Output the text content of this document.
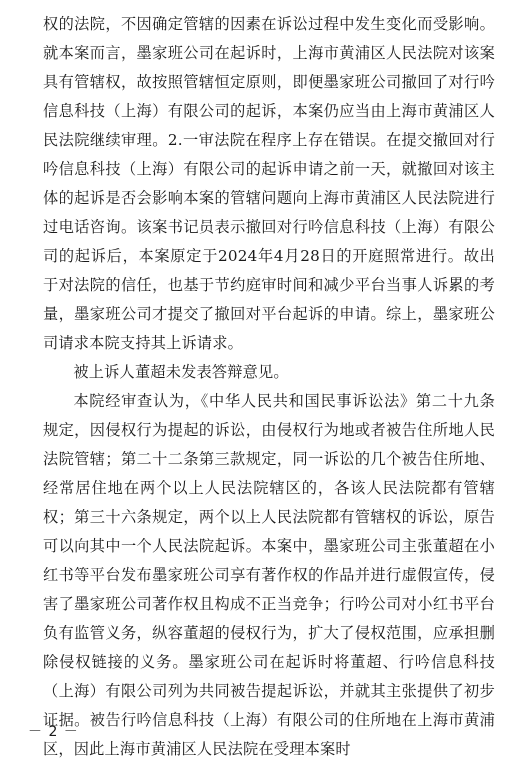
权的法院，不因确定管辖的因素在诉讼过程中发生变化而受影响。就本案而言，墨家班公司在起诉时，上海市黄浦区人民法院对该案具有管辖权，故按照管辖恒定原则，即便墨家班公司撤回了对行吟信息科技（上海）有限公司的起诉，本案仍应当由上海市黄浦区人民法院继续审理。2.一审法院在程序上存在错误。在提交撤回对行吟信息科技（上海）有限公司的起诉申请之前一天，就撤回对该主体的起诉是否会影响本案的管辖问题向上海市黄浦区人民法院进行过电话咨询。该案书记员表示撤回对行吟信息科技（上海）有限公司的起诉后，本案原定于2024年4月28日的开庭照常进行。故出于对法院的信任，也基于节约庭审时间和减少平台当事人诉累的考量，墨家班公司才提交了撤回对平台起诉的申请。综上，墨家班公司请求本院支持其上诉请求。

被上诉人董超未发表答辩意见。

本院经审查认为，《中华人民共和国民事诉讼法》第二十九条规定，因侵权行为提起的诉讼，由侵权行为地或者被告住所地人民法院管辖；第二十二条第三款规定，同一诉讼的几个被告住所地、经常居住地在两个以上人民法院辖区的，各该人民法院都有管辖权；第三十六条规定，两个以上人民法院都有管辖权的诉讼，原告可以向其中一个人民法院起诉。本案中，墨家班公司主张董超在小红书等平台发布墨家班公司享有著作权的作品并进行虚假宣传，侵害了墨家班公司著作权且构成不正当竞争；行吟公司对小红书平台负有监管义务，纵容董超的侵权行为，扩大了侵权范围，应承担删除侵权链接的义务。墨家班公司在起诉时将董超、行吟信息科技（上海）有限公司列为共同被告提起诉讼，并就其主张提供了初步证据。被告行吟信息科技（上海）有限公司的住所地在上海市黄浦区，因此上海市黄浦区人民法院在受理本案时

－ 2 －
